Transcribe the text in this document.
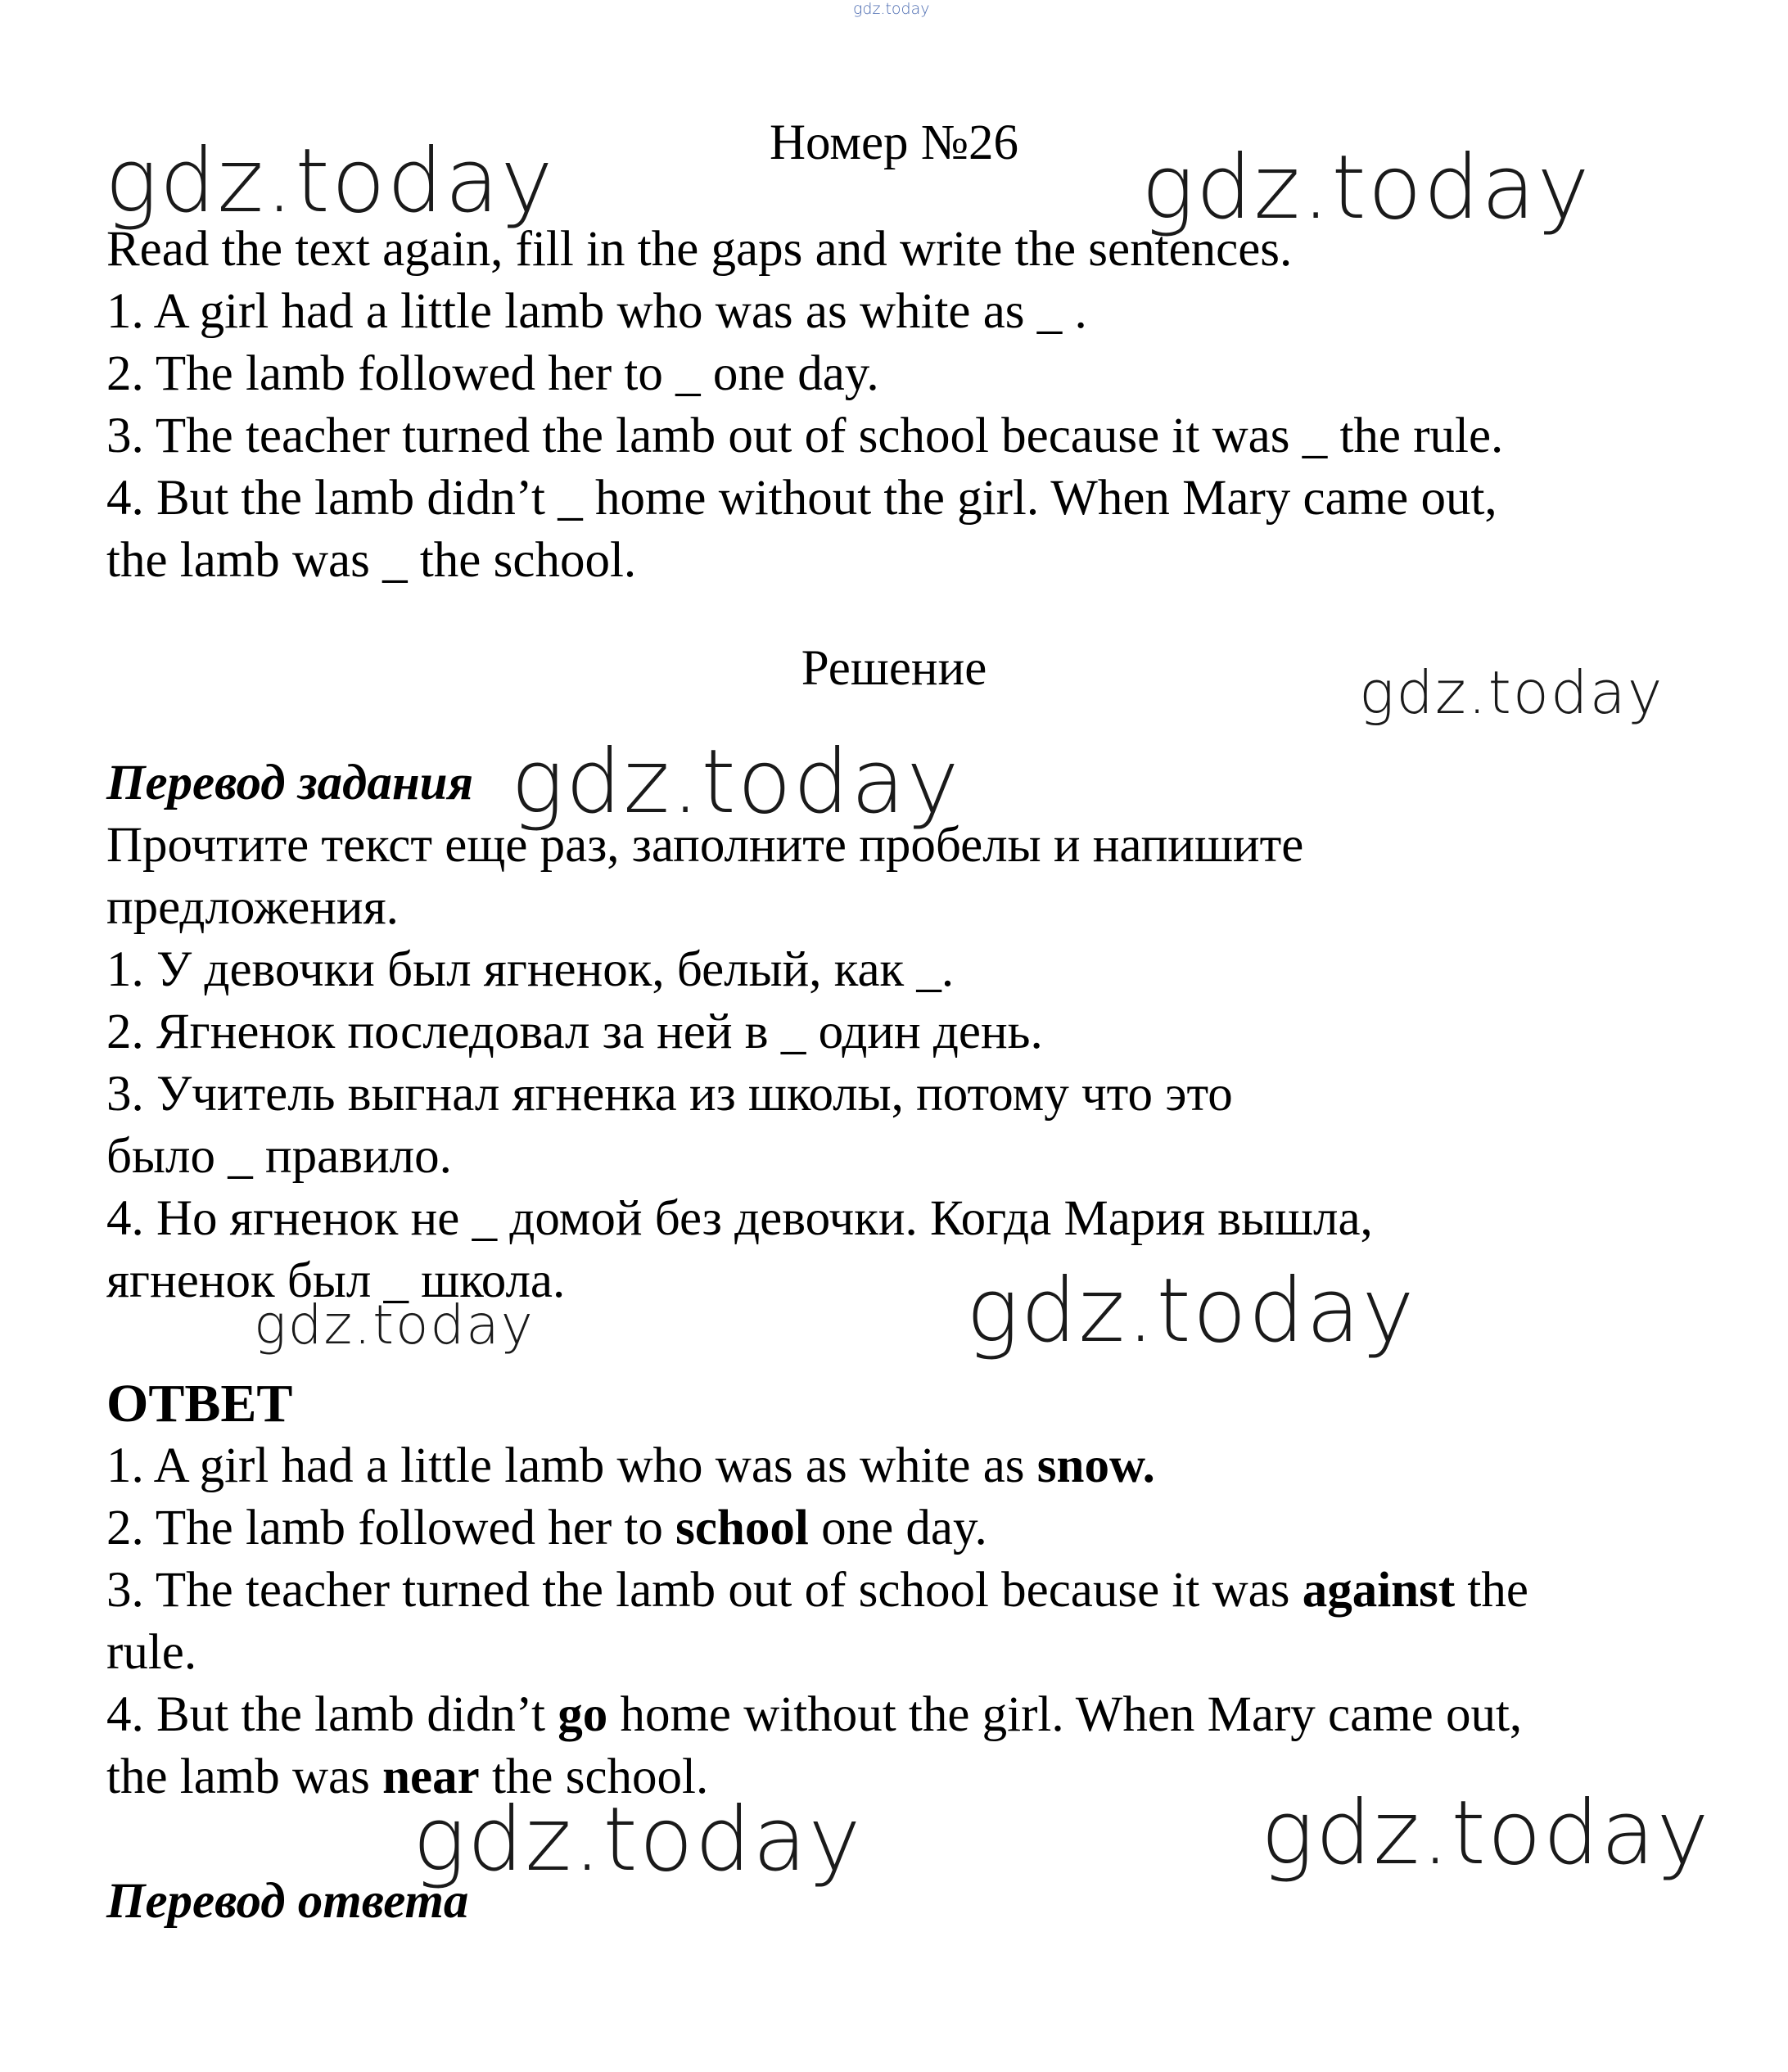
gdz.today
Номер №26
Read the text again, fill in the gaps and write the sentences.
1. A girl had a little lamb who was as white as _ .
2. The lamb followed her to _ one day.
3. The teacher turned the lamb out of school because it was _ the rule.
4. But the lamb didn’t _ home without the girl. When Mary came out,
the lamb was _ the school.
Решение
Перевод задания
Прочтите текст еще раз, заполните пробелы и напишите
предложения.
1. У девочки был ягненок, белый, как _.
2. Ягненок последовал за ней в _ один день.
3. Учитель выгнал ягненка из школы, потому что это
было _ правило.
4. Но ягненок не _ домой без девочки. Когда Мария вышла,
ягненок был _ школа.
ОТВЕТ
1. A girl had a little lamb who was as white as snow.
2. The lamb followed her to school one day.
3. The teacher turned the lamb out of school because it was against the
rule.
4. But the lamb didn’t go home without the girl. When Mary came out,
the lamb was near the school.
Перевод ответа
gdz.today	gdz.today
gdz.today
gdz.today
gdz.today
gdz.today
gdz.today	gdz.today
